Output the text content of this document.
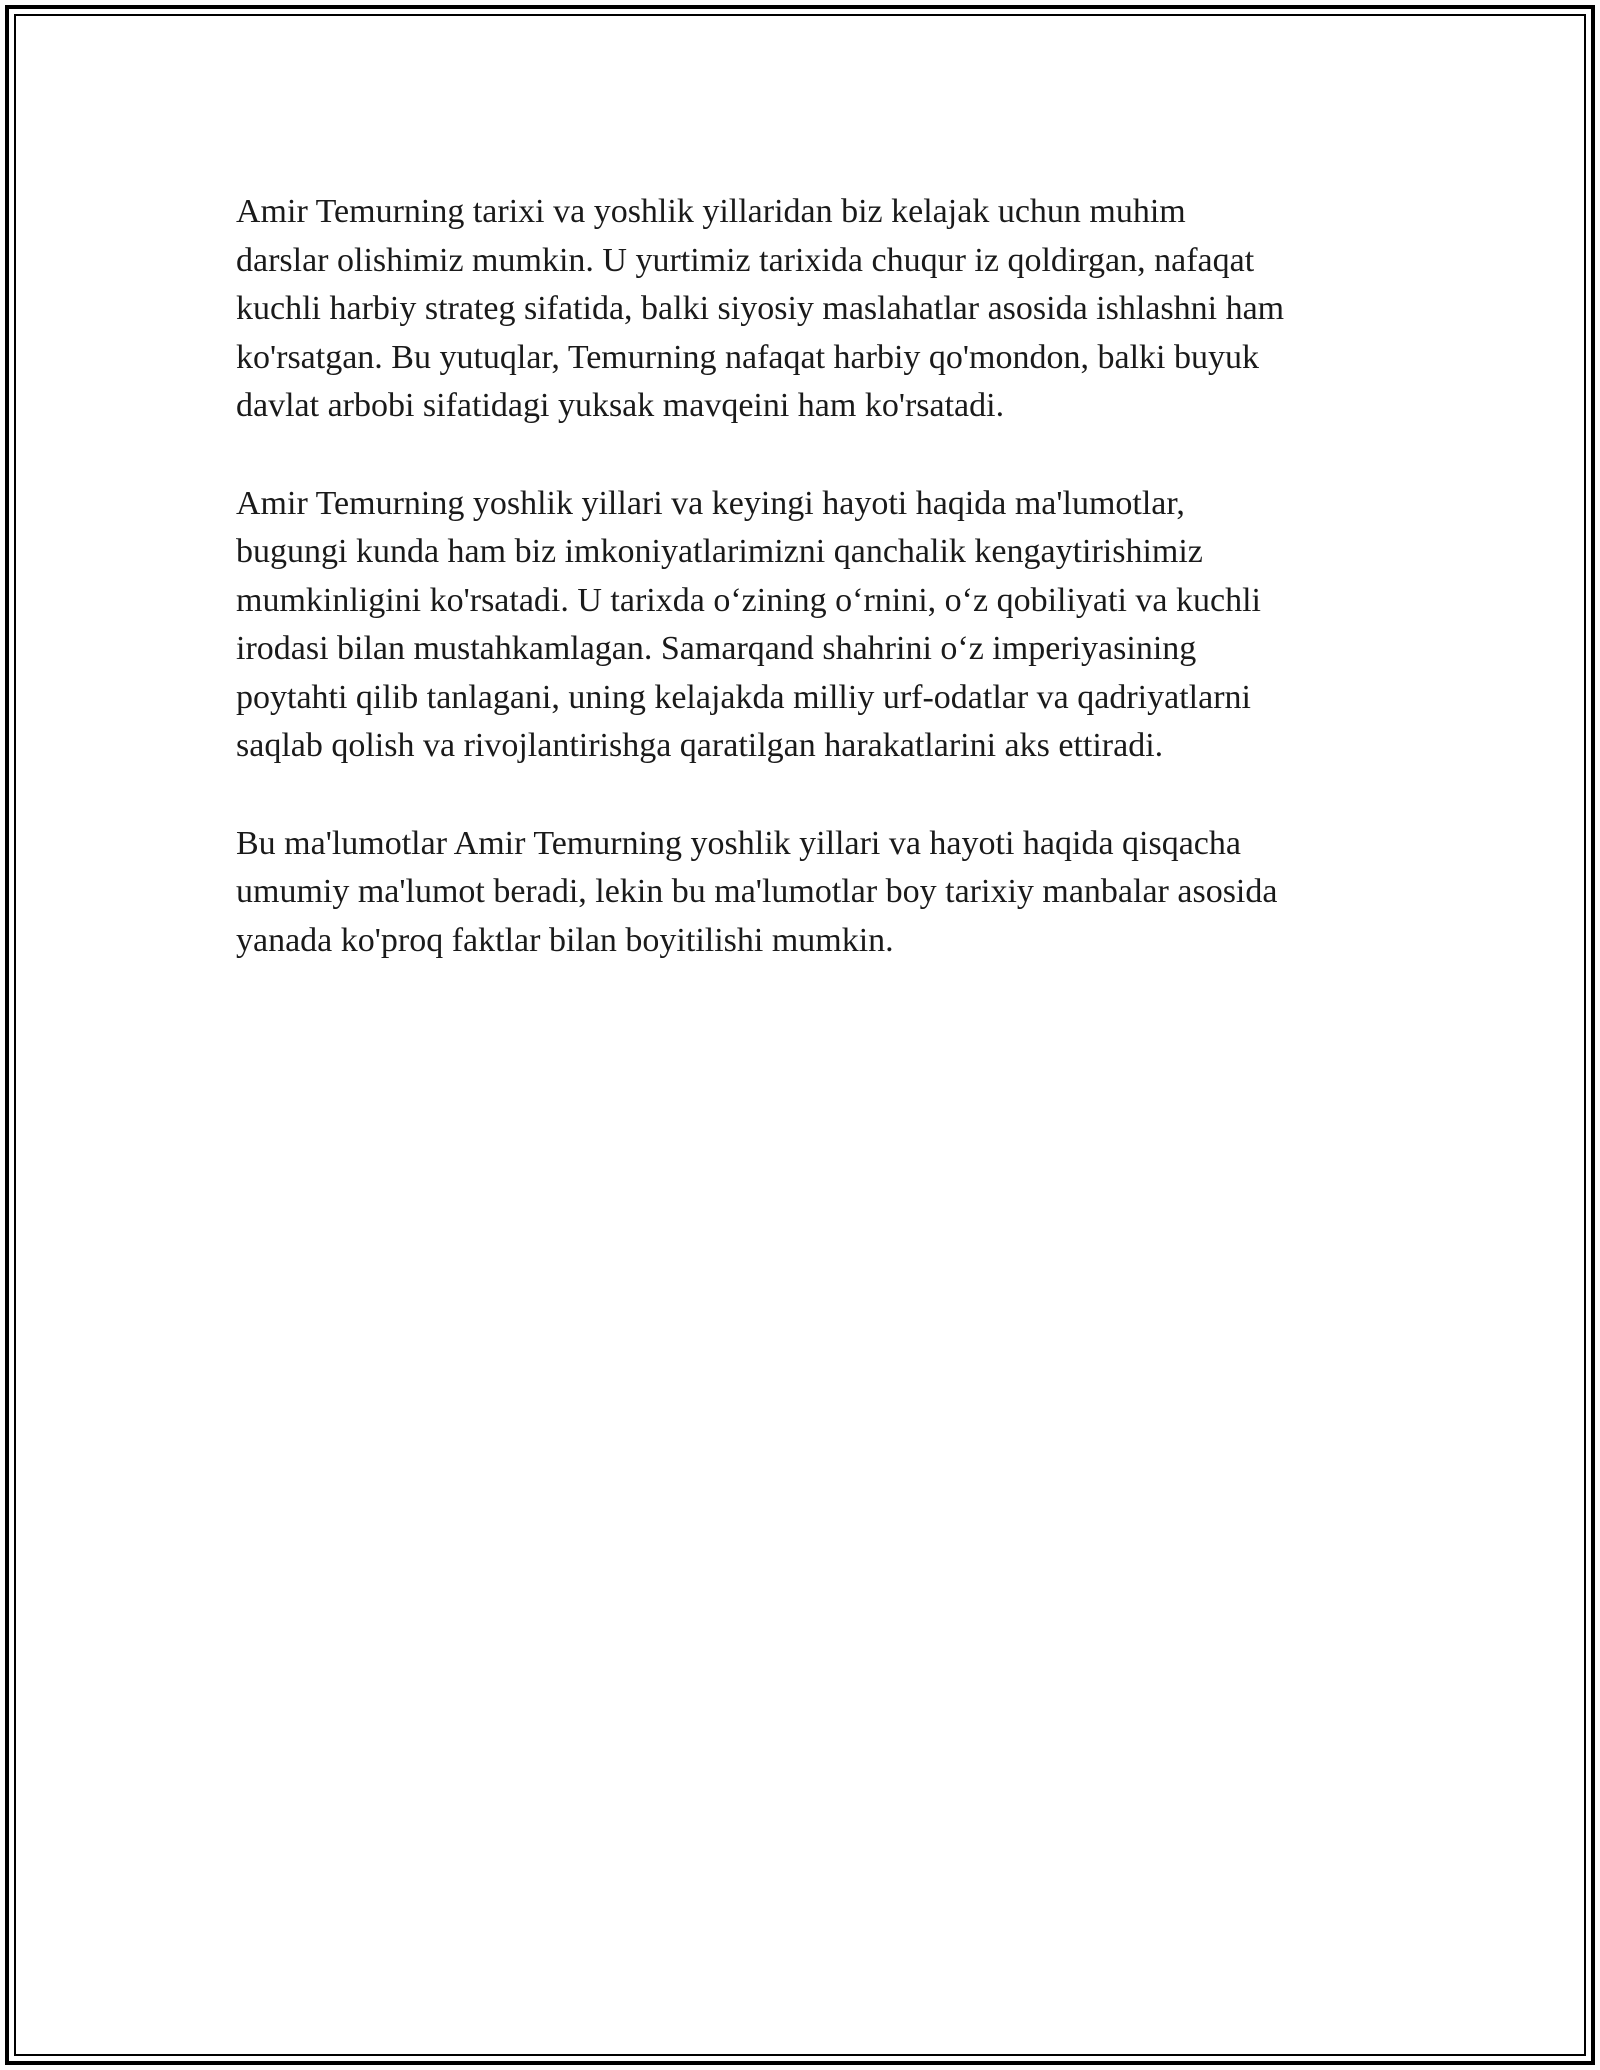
Amir Temurning tarixi va yoshlik yillaridan biz kelajak uchun muhim
darslar olishimiz mumkin. U yurtimiz tarixida chuqur iz qoldirgan, nafaqat
kuchli harbiy strateg sifatida, balki siyosiy maslahatlar asosida ishlashni ham
ko'rsatgan. Bu yutuqlar, Temurning nafaqat harbiy qo'mondon, balki buyuk
davlat arbobi sifatidagi yuksak mavqeini ham ko'rsatadi.

Amir Temurning yoshlik yillari va keyingi hayoti haqida ma'lumotlar,
bugungi kunda ham biz imkoniyatlarimizni qanchalik kengaytirishimiz
mumkinligini ko'rsatadi. U tarixda o‘zining o‘rnini, o‘z qobiliyati va kuchli
irodasi bilan mustahkamlagan. Samarqand shahrini o‘z imperiyasining
poytahti qilib tanlagani, uning kelajakda milliy urf-odatlar va qadriyatlarni
saqlab qolish va rivojlantirishga qaratilgan harakatlarini aks ettiradi.

Bu ma'lumotlar Amir Temurning yoshlik yillari va hayoti haqida qisqacha
umumiy ma'lumot beradi, lekin bu ma'lumotlar boy tarixiy manbalar asosida
yanada ko'proq faktlar bilan boyitilishi mumkin.
